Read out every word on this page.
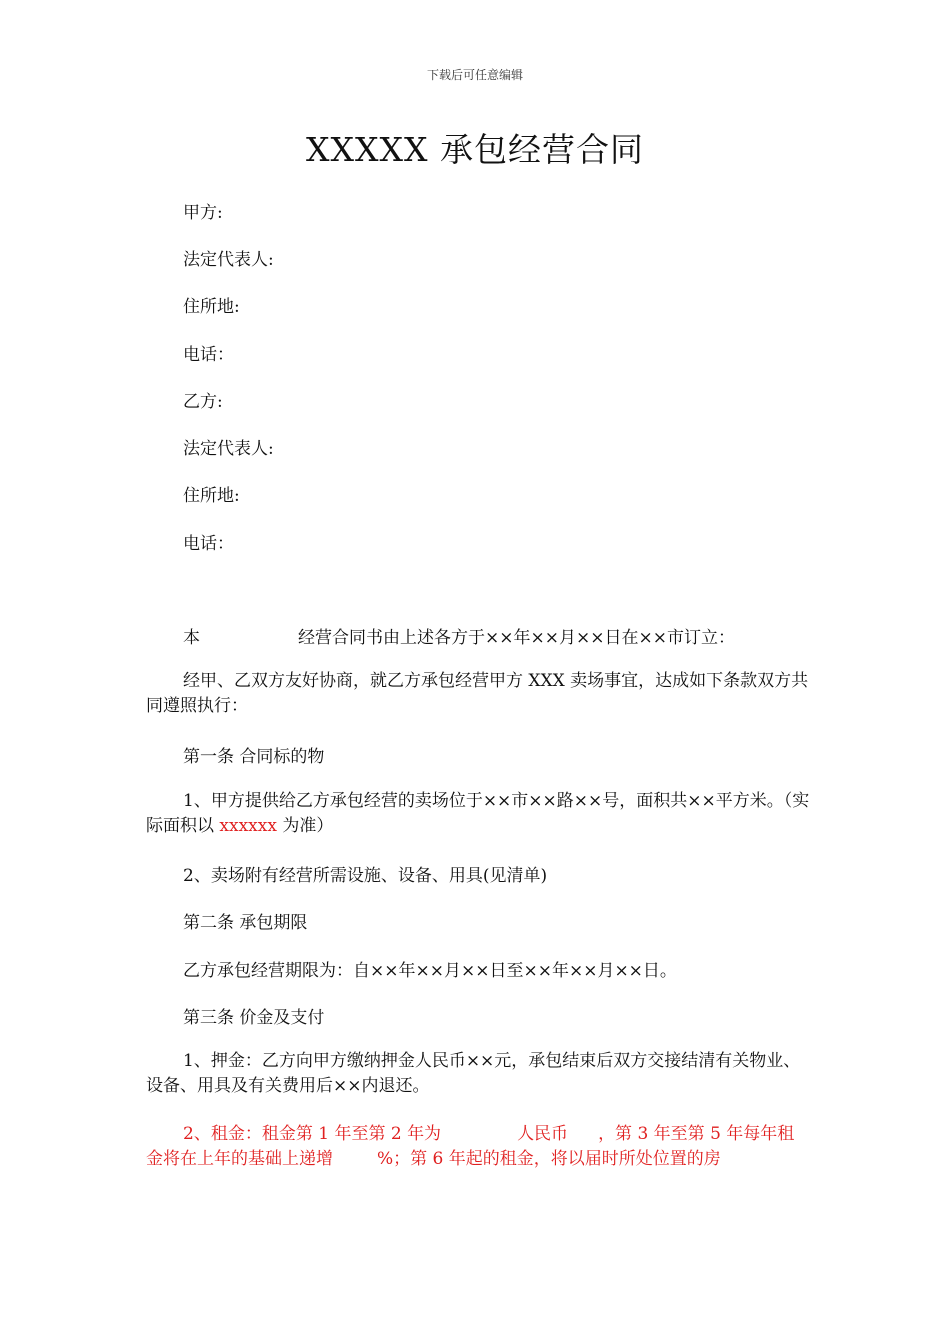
下载后可任意编辑
XXXXX 承包经营合同
甲方:
法定代表人:
住所地:
电话：
乙方:
法定代表人:
住所地:
电话：
本	经营合同书由上述各方于××年××月××日在××市订立：
经甲、乙双方友好协商，就乙方承包经营甲方 XXX 卖场事宜，达成如下条款双方共同遵照执行：
第一条 合同标的物
1、甲方提供给乙方承包经营的卖场位于××市××路××号，面积共××平方米。（实际面积以 xxxxxx 为准）
2、卖场附有经营所需设施、设备、用具(见清单)
第二条 承包期限
乙方承包经营期限为：自××年××月××日至××年××月××日。
第三条 价金及支付
1、押金：乙方向甲方缴纳押金人民币××元，承包结束后双方交接结清有关物业、设备、用具及有关费用后××内退还。
2、租金：租金第 1 年至第 2 年为	人民币 ，第 3 年至第 5 年每年租金将在上年的基础上递增	%；第 6 年起的租金，将以届时所处位置的房
